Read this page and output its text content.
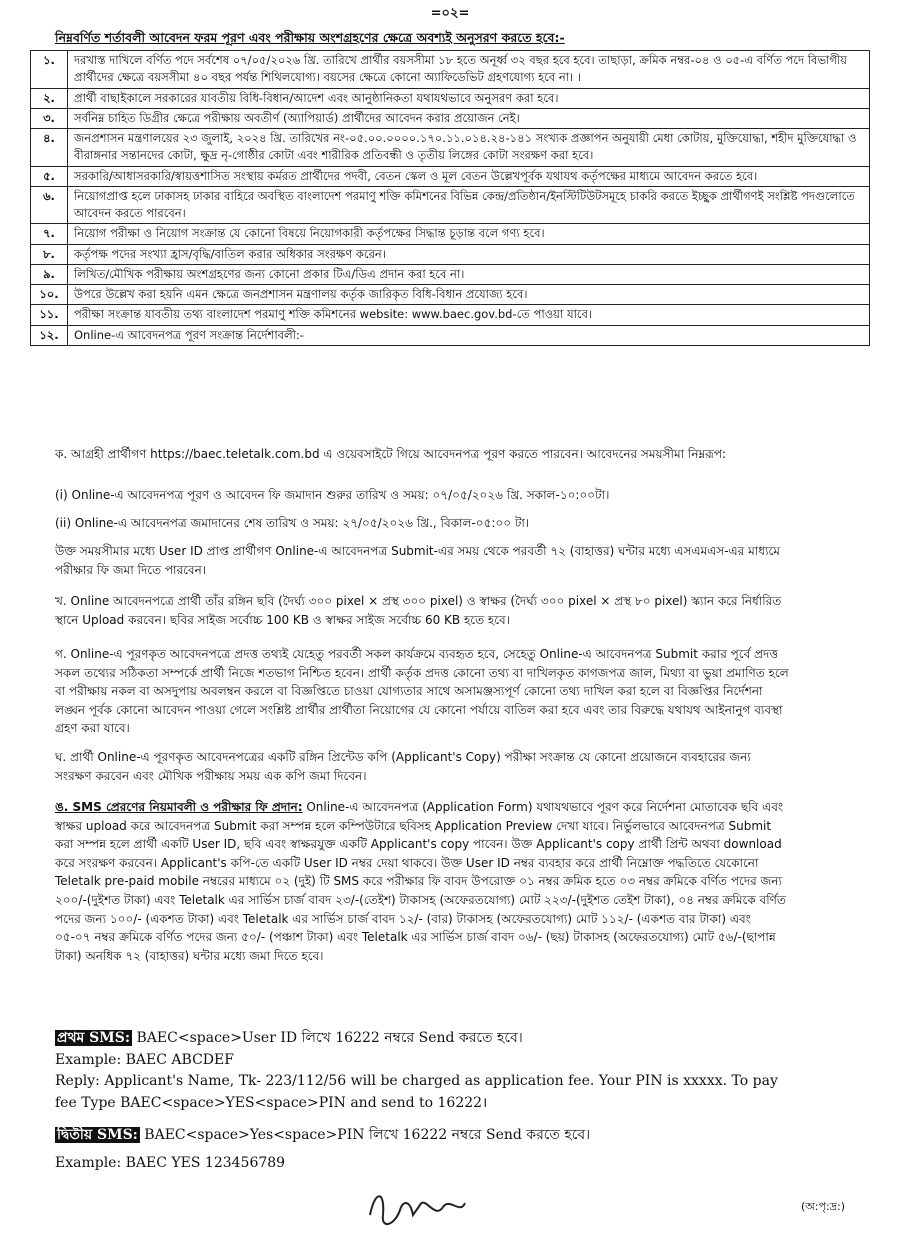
=০২=
নিম্নবর্ণিত শর্তাবলী আবেদন ফরম পূরণ এবং পরীক্ষায় অংশগ্রহণের ক্ষেত্রে অবশ্যই অনুসরণ করতে হবে:-
১.	দরখাস্ত দাখিলে বর্ণিত পদে সর্বশেষ ০৭/০৫/২০২৬ খ্রি. তারিখে প্রার্থীর বয়সসীমা ১৮ হতে অনূর্ধ্ব ৩২ বছর হবে হবে। তাছাড়া, ক্রমিক নম্বর-০৪ ও ০৫-এ বর্ণিত পদে বিভাগীয় প্রার্থীদের ক্ষেত্রে বয়সসীমা ৪০ বছর পর্যন্ত শিথিলযোগ্য। বয়সের ক্ষেত্রে কোনো অ্যাফিডেভিট গ্রহণযোগ্য হবে না। ।
২.	প্রার্থী বাছাইকালে সরকারের যাবতীয় বিধি-বিধান/আদেশ এবং আনুষ্ঠানিকতা যথাযথভাবে অনুসরণ করা হবে।
৩.	সর্বনিম্ন চাহিত ডিগ্রীর ক্ষেত্রে পরীক্ষায় অবতীর্ণ (অ্যাপিয়ার্ড) প্রার্থীদের আবেদন করার প্রয়োজন নেই।
৪.	জনপ্রশাসন মন্ত্রণালয়ের ২৩ জুলাই, ২০২৪ খ্রি. তারিখের নং-০৫.০০.০০০০.১৭০.১১.০১৪.২৪-১৪১ সংখ্যক প্রজ্ঞাপন অনুযায়ী মেধা কোটায়, মুক্তিযোদ্ধা, শহীদ মুক্তিযোদ্ধা ও বীরাঙ্গনার সন্তানদের কোটা, ক্ষুদ্র নৃ-গোষ্ঠীর কোটা এবং শারীরিক প্রতিবন্ধী ও তৃতীয় লিঙ্গের কোটা সংরক্ষণ করা হবে।
৫.	সরকারি/আধাসরকারি/স্বায়ত্তশাসিত সংস্থায় কর্মরত প্রার্থীদের পদবী, বেতন স্কেল ও মূল বেতন উল্লেখপূর্বক যথাযথ কর্তৃপক্ষের মাধ্যমে আবেদন করতে হবে।
৬.	নিয়োগপ্রাপ্ত হলে ঢাকাসহ ঢাকার বাহিরে অবস্থিত বাংলাদেশ পরমাণু শক্তি কমিশনের বিভিন্ন কেন্দ্র/প্রতিষ্ঠান/ইনস্টিটিউটসমূহে চাকরি করতে ইচ্ছুক প্রার্থীগণই সংশ্লিষ্ট পদগুলোতে আবেদন করতে পারবেন।
৭.	নিয়োগ পরীক্ষা ও নিয়োগ সংক্রান্ত যে কোনো বিষয়ে নিয়োগকারী কর্তৃপক্ষের সিদ্ধান্ত চূড়ান্ত বলে গণ্য হবে।
৮.	কর্তৃপক্ষ পদের সংখ্যা হ্রাস/বৃদ্ধি/বাতিল করার অধিকার সংরক্ষণ করেন।
৯.	লিখিত/মৌখিক পরীক্ষায় অংশগ্রহণের জন্য কোনো প্রকার টিএ/ডিএ প্রদান করা হবে না।
১০.	উপরে উল্লেখ করা হয়নি এমন ক্ষেত্রে জনপ্রশাসন মন্ত্রণালয় কর্তৃক জারিকৃত বিধি-বিধান প্রযোজ্য হবে।
১১.	পরীক্ষা সংক্রান্ত যাবতীয় তথ্য বাংলাদেশ পরমাণু শক্তি কমিশনের website: www.baec.gov.bd-তে পাওয়া যাবে।
১২.	Online-এ আবেদনপত্র পূরণ সংক্রান্ত নির্দেশাবলী:-

ক. আগ্রহী প্রার্থীগণ https://baec.teletalk.com.bd এ ওয়েবসাইটে গিয়ে আবেদনপত্র পূরণ করতে পারবেন। আবেদনের সময়সীমা নিম্নরূপ:

(i) Online-এ আবেদনপত্র পূরণ ও আবেদন ফি জমাদান শুরুর তারিখ ও সময়: ০৭/০৫/২০২৬ খ্রি. সকাল-১০:০০টা।

(ii) Online-এ আবেদনপত্র জমাদানের শেষ তারিখ ও সময়: ২৭/০৫/২০২৬ খ্রি., বিকাল-০৫:০০ টা।

উক্ত সময়সীমার মধ্যে User ID প্রাপ্ত প্রার্থীগণ Online-এ আবেদনপত্র Submit-এর সময় থেকে পরবর্তী ৭২ (বাহাত্তর) ঘন্টার মধ্যে এসএমএস-এর মাধ্যমে পরীক্ষার ফি জমা দিতে পারবেন।

খ. Online আবেদনপত্রে প্রার্থী তাঁর রঙ্গিন ছবি (দৈর্ঘ্য ৩০০ pixel × প্রস্থ ৩০০ pixel) ও স্বাক্ষর (দৈর্ঘ্য ৩০০ pixel × প্রস্থ ৮০ pixel) স্ক্যান করে নির্ধারিত স্থানে Upload করবেন। ছবির সাইজ সর্বোচ্চ 100 KB ও স্বাক্ষর সাইজ সর্বোচ্চ 60 KB হতে হবে।

গ. Online-এ পূরণকৃত আবেদনপত্রে প্রদত্ত তথ্যই যেহেতু পরবর্তী সকল কার্যক্রমে ব্যবহৃত হবে, সেহেতু Online-এ আবেদনপত্র Submit করার পূর্বে প্রদত্ত সকল তথ্যের সঠিকতা সম্পর্কে প্রার্থী নিজে শতভাগ নিশ্চিত হবেন। প্রার্থী কর্তৃক প্রদত্ত কোনো তথ্য বা দাখিলকৃত কাগজপত্র জাল, মিথ্যা বা ভুয়া প্রমাণিত হলে বা পরীক্ষায় নকল বা অসদুপায় অবলম্বন করলে বা বিজ্ঞপ্তিতে চাওয়া যোগ্যতার সাথে অসামঞ্জস্যপূর্ণ কোনো তথ্য দাখিল করা হলে বা বিজ্ঞপ্তির নির্দেশনা লঙ্ঘন পূর্বক কোনো আবেদন পাওয়া গেলে সংশ্লিষ্ট প্রার্থীর প্রার্থীতা নিয়োগের যে কোনো পর্যায়ে বাতিল করা হবে এবং তার বিরুদ্ধে যথাযথ আইনানুগ ব্যবস্থা গ্রহণ করা যাবে।

ঘ. প্রার্থী Online-এ পূরণকৃত আবেদনপত্রের একটি রঙ্গিন প্রিন্টেড কপি (Applicant's Copy) পরীক্ষা সংক্রান্ত যে কোনো প্রয়োজনে ব্যবহারের জন্য সংরক্ষণ করবেন এবং মৌখিক পরীক্ষায় সময় এক কপি জমা দিবেন।

ঙ. SMS প্রেরণের নিয়মাবলী ও পরীক্ষার ফি প্রদান: Online-এ আবেদনপত্র (Application Form) যথাযথভাবে পূরণ করে নির্দেশনা মোতাবেক ছবি এবং স্বাক্ষর upload করে আবেদনপত্র Submit করা সম্পন্ন হলে কম্পিউটারে ছবিসহ Application Preview দেখা যাবে। নির্ভুলভাবে আবেদনপত্র Submit করা সম্পন্ন হলে প্রার্থী একটি User ID, ছবি এবং স্বাক্ষরযুক্ত একটি Applicant's copy পাবেন। উক্ত Applicant's copy প্রার্থী প্রিন্ট অথবা download করে সংরক্ষণ করবেন। Applicant's কপি-তে একটি User ID নম্বর দেয়া থাকবে। উক্ত User ID নম্বর ব্যবহার করে প্রার্থী নিম্নোক্ত পদ্ধতিতে যেকোনো Teletalk pre-paid mobile নম্বরের মাধ্যমে ০২ (দুই) টি SMS করে পরীক্ষার ফি বাবদ উপরোক্ত ০১ নম্বর ক্রমিক হতে ০৩ নম্বর ক্রমিকে বর্ণিত পদের জন্য ২০০/-(দুইশত টাকা) এবং Teletalk এর সার্ভিস চার্জ বাবদ ২৩/-(তেইশ) টাকাসহ (অফেরতযোগ্য) মোট ২২৩/-(দুইশত তেইশ টাকা), ০৪ নম্বর ক্রমিকে বর্ণিত পদের জন্য ১০০/- (একশত টাকা) এবং Teletalk এর সার্ভিস চার্জ বাবদ ১২/- (বার) টাকাসহ (অফেরতযোগ্য) মোট ১১২/- (একশত বার টাকা) এবং ০৫-০৭ নম্বর ক্রমিকে বর্ণিত পদের জন্য ৫০/- (পঞ্চাশ টাকা) এবং Teletalk এর সার্ভিস চার্জ বাবদ ০৬/- (ছয়) টাকাসহ (অফেরতযোগ্য) মোট ৫৬/-(ছাপান্ন টাকা) অনধিক ৭২ (বাহাত্তর) ঘন্টার মধ্যে জমা দিতে হবে।

প্রথম SMS: BAEC<space>User ID লিখে 16222 নম্বরে Send করতে হবে।

Example: BAEC ABCDEF

Reply: Applicant's Name, Tk- 223/112/56 will be charged as application fee. Your PIN is xxxxx. To pay fee Type BAEC<space>YES<space>PIN and send to 16222।

দ্বিতীয় SMS: BAEC<space>Yes<space>PIN লিখে 16222 নম্বরে Send করতে হবে।

Example: BAEC YES 123456789

(অ:পৃ:দ্র:)
